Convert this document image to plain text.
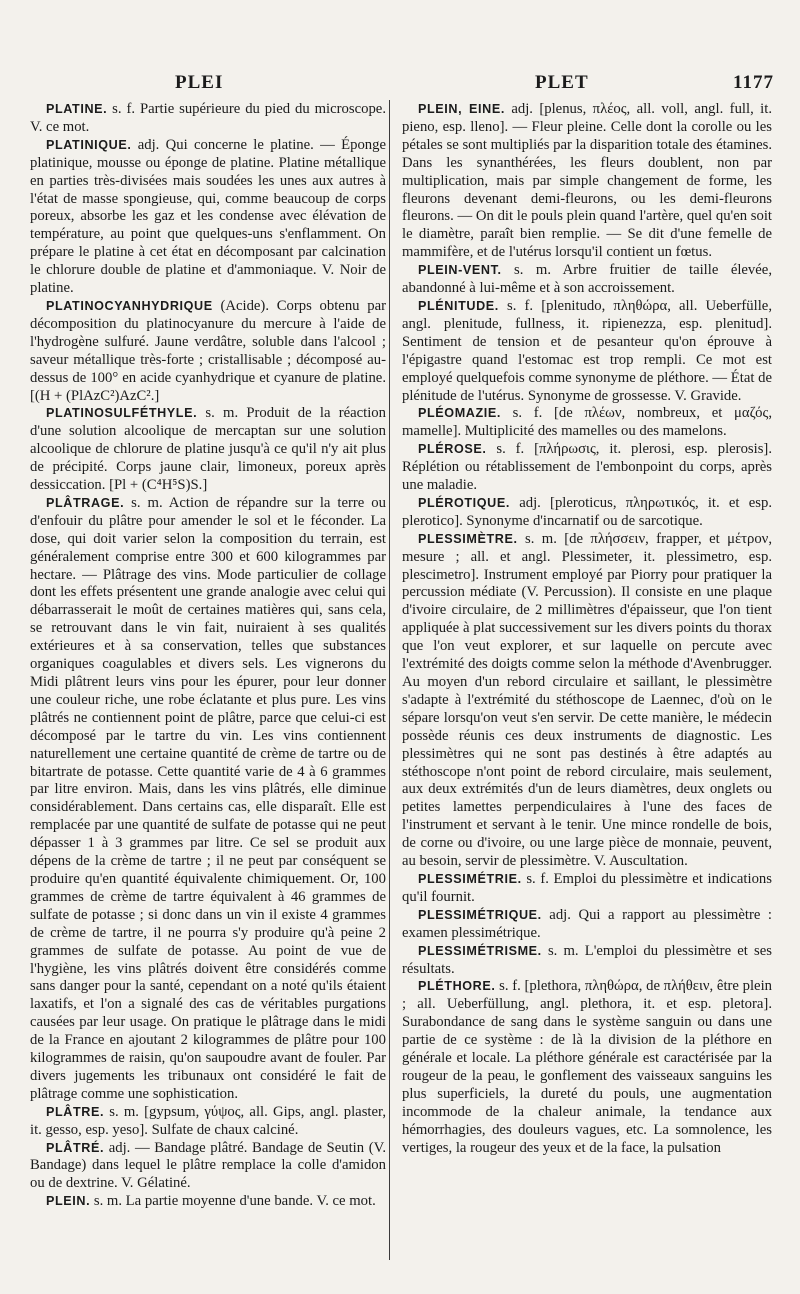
PLEI	PLET	1177

PLATINE. s. f. Partie supérieure du pied du microscope. V. ce mot.

PLATINIQUE. adj. Qui concerne le platine. — Éponge platinique, mousse ou éponge de platine. Platine métallique en parties très-divisées mais soudées les unes aux autres à l'état de masse spongieuse, qui, comme beaucoup de corps poreux, absorbe les gaz et les condense avec élévation de température, au point que quelques-uns s'enflamment. On prépare le platine à cet état en décomposant par calcination le chlorure double de platine et d'ammoniaque. V. Noir de platine.

PLATINOCYANHYDRIQUE (Acide). Corps obtenu par décomposition du platinocyanure du mercure à l'aide de l'hydrogène sulfuré. Jaune verdâtre, soluble dans l'alcool ; saveur métallique très-forte ; cristallisable ; décomposé au-dessus de 100° en acide cyanhydrique et cyanure de platine. [(H + (PlAzC²)AzC².]

PLATINOSULFÉTHYLE. s. m. Produit de la réaction d'une solution alcoolique de mercaptan sur une solution alcoolique de chlorure de platine jusqu'à ce qu'il n'y ait plus de précipité. Corps jaune clair, limoneux, poreux après dessiccation. [Pl + (C⁴H⁵S)S.]

PLÂTRAGE. s. m. Action de répandre sur la terre ou d'enfouir du plâtre pour amender le sol et le féconder. La dose, qui doit varier selon la composition du terrain, est généralement comprise entre 300 et 600 kilogrammes par hectare. — Plâtrage des vins. Mode particulier de collage dont les effets présentent une grande analogie avec celui qui débarrasserait le moût de certaines matières qui, sans cela, se retrouvant dans le vin fait, nuiraient à ses qualités extérieures et à sa conservation, telles que substances organiques coagulables et divers sels. Les vignerons du Midi plâtrent leurs vins pour les épurer, pour leur donner une couleur riche, une robe éclatante et plus pure. Les vins plâtrés ne contiennent point de plâtre, parce que celui-ci est décomposé par le tartre du vin. Les vins contiennent naturellement une certaine quantité de crème de tartre ou de bitartrate de potasse. Cette quantité varie de 4 à 6 grammes par litre environ. Mais, dans les vins plâtrés, elle diminue considérablement. Dans certains cas, elle disparaît. Elle est remplacée par une quantité de sulfate de potasse qui ne peut dépasser 1 à 3 grammes par litre. Ce sel se produit aux dépens de la crème de tartre ; il ne peut par conséquent se produire qu'en quantité équivalente chimiquement. Or, 100 grammes de crème de tartre équivalent à 46 grammes de sulfate de potasse ; si donc dans un vin il existe 4 grammes de crème de tartre, il ne pourra s'y produire qu'à peine 2 grammes de sulfate de potasse. Au point de vue de l'hygiène, les vins plâtrés doivent être considérés comme sans danger pour la santé, cependant on a noté qu'ils étaient laxatifs, et l'on a signalé des cas de véritables purgations causées par leur usage. On pratique le plâtrage dans le midi de la France en ajoutant 2 kilogrammes de plâtre pour 100 kilogrammes de raisin, qu'on saupoudre avant de fouler. Par divers jugements les tribunaux ont considéré le fait de plâtrage comme une sophistication.

PLÂTRE. s. m. [gypsum, γύψος, all. Gips, angl. plaster, it. gesso, esp. yeso]. Sulfate de chaux calciné.

PLÂTRÉ. adj. — Bandage plâtré. Bandage de Seutin (V. Bandage) dans lequel le plâtre remplace la colle d'amidon ou de dextrine. V. Gélatiné.

PLEIN. s. m. La partie moyenne d'une bande. V. ce mot.

PLEIN, EINE. adj. [plenus, πλέος, all. voll, angl. full, it. pieno, esp. lleno]. — Fleur pleine. Celle dont la corolle ou les pétales se sont multipliés par la disparition totale des étamines. Dans les synanthérées, les fleurs doublent, non par multiplication, mais par simple changement de forme, les fleurons devenant demi-fleurons, ou les demi-fleurons fleurons. — On dit le pouls plein quand l'artère, quel qu'en soit le diamètre, paraît bien remplie. — Se dit d'une femelle de mammifère, et de l'utérus lorsqu'il contient un fœtus.

PLEIN-VENT. s. m. Arbre fruitier de taille élevée, abandonné à lui-même et à son accroissement.

PLÉNITUDE. s. f. [plenitudo, πληθώρα, all. Ueberfülle, angl. plenitude, fullness, it. ripienezza, esp. plenitud]. Sentiment de tension et de pesanteur qu'on éprouve à l'épigastre quand l'estomac est trop rempli. Ce mot est employé quelquefois comme synonyme de pléthore. — État de plénitude de l'utérus. Synonyme de grossesse. V. Gravide.

PLÉOMAZIE. s. f. [de πλέων, nombreux, et μαζός, mamelle]. Multiplicité des mamelles ou des mamelons.

PLÉROSE. s. f. [πλήρωσις, it. plerosi, esp. plerosis]. Réplétion ou rétablissement de l'embonpoint du corps, après une maladie.

PLÉROTIQUE. adj. [pleroticus, πληρωτικός, it. et esp. plerotico]. Synonyme d'incarnatif ou de sarcotique.

PLESSIMÈTRE. s. m. [de πλήσσειν, frapper, et μέτρον, mesure ; all. et angl. Plessimeter, it. plessimetro, esp. plescimetro]. Instrument employé par Piorry pour pratiquer la percussion médiate (V. Percussion). Il consiste en une plaque d'ivoire circulaire, de 2 millimètres d'épaisseur, que l'on tient appliquée à plat successivement sur les divers points du thorax que l'on veut explorer, et sur laquelle on percute avec l'extrémité des doigts comme selon la méthode d'Avenbrugger. Au moyen d'un rebord circulaire et saillant, le plessimètre s'adapte à l'extrémité du stéthoscope de Laennec, d'où on le sépare lorsqu'on veut s'en servir. De cette manière, le médecin possède réunis ces deux instruments de diagnostic. Les plessimètres qui ne sont pas destinés à être adaptés au stéthoscope n'ont point de rebord circulaire, mais seulement, aux deux extrémités d'un de leurs diamètres, deux onglets ou petites lamettes perpendiculaires à l'une des faces de l'instrument et servant à le tenir. Une mince rondelle de bois, de corne ou d'ivoire, ou une large pièce de monnaie, peuvent, au besoin, servir de plessimètre. V. Auscultation.

PLESSIMÉTRIE. s. f. Emploi du plessimètre et indications qu'il fournit.

PLESSIMÉTRIQUE. adj. Qui a rapport au plessimètre : examen plessimétrique.

PLESSIMÉTRISME. s. m. L'emploi du plessimètre et ses résultats.

PLÉTHORE. s. f. [plethora, πληθώρα, de πλήθειν, être plein ; all. Ueberfüllung, angl. plethora, it. et esp. pletora]. Surabondance de sang dans le système sanguin ou dans une partie de ce système : de là la division de la pléthore en générale et locale. La pléthore générale est caractérisée par la rougeur de la peau, le gonflement des vaisseaux sanguins les plus superficiels, la dureté du pouls, une augmentation incommode de la chaleur animale, la tendance aux hémorrhagies, des douleurs vagues, etc. La somnolence, les vertiges, la rougeur des yeux et de la face, la pulsation
